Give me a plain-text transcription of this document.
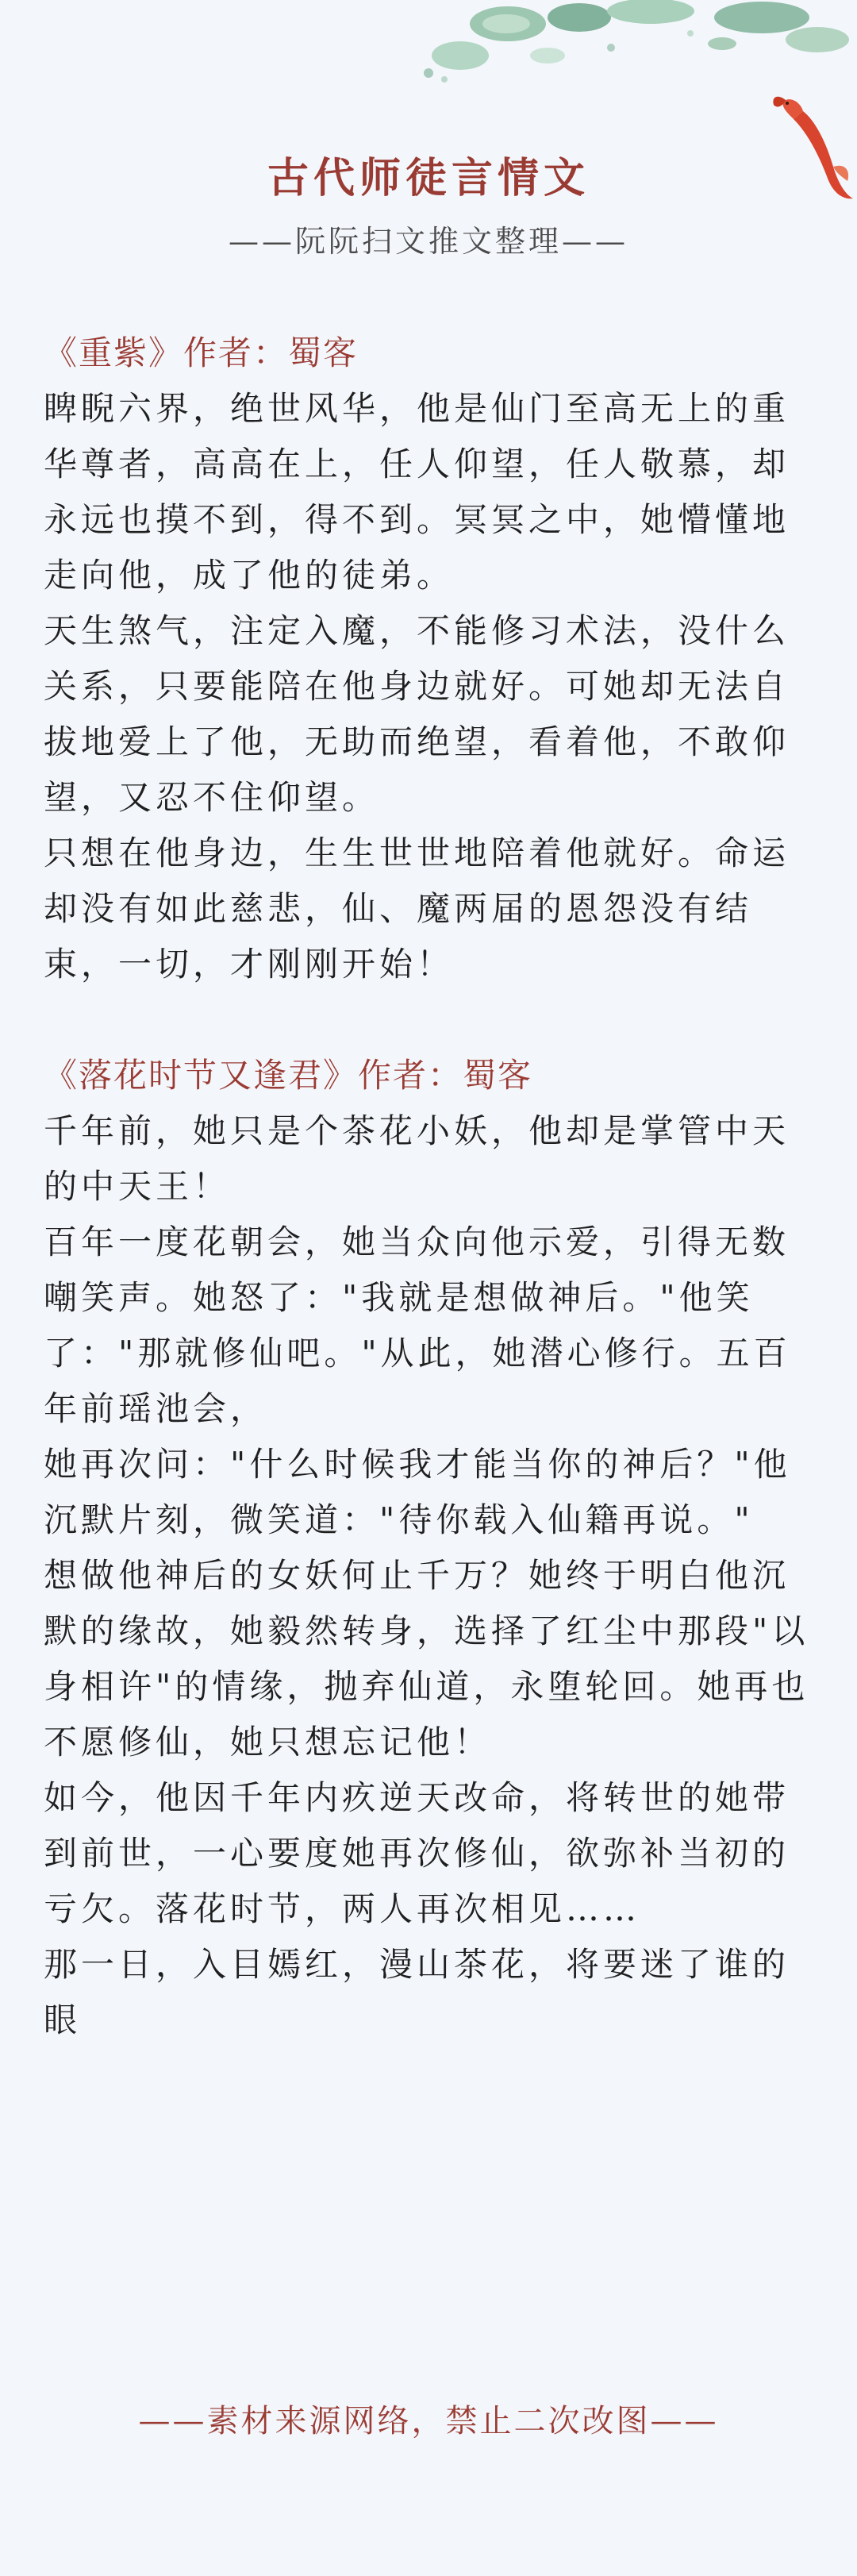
古代师徒言情文

——阮阮扫文推文整理——

《重紫》作者：蜀客

睥睨六界，绝世风华，他是仙门至高无上的重华尊者，高高在上，任人仰望，任人敬慕，却永远也摸不到，得不到。冥冥之中，她懵懂地走向他，成了他的徒弟。

天生煞气，注定入魔，不能修习术法，没什么关系，只要能陪在他身边就好。可她却无法自拔地爱上了他，无助而绝望，看着他，不敢仰望，又忍不住仰望。

只想在他身边，生生世世地陪着他就好。命运却没有如此慈悲，仙、魔两届的恩怨没有结束，一切，才刚刚开始！

《落花时节又逢君》作者：蜀客

千年前，她只是个茶花小妖，他却是掌管中天的中天王！

百年一度花朝会，她当众向他示爱，引得无数嘲笑声。她怒了："我就是想做神后。"他笑了："那就修仙吧。"从此，她潜心修行。五百年前瑶池会，

她再次问："什么时候我才能当你的神后？"他沉默片刻，微笑道："待你载入仙籍再说。"

想做他神后的女妖何止千万？她终于明白他沉默的缘故，她毅然转身，选择了红尘中那段"以身相许"的情缘，抛弃仙道，永堕轮回。她再也不愿修仙，她只想忘记他！

如今，他因千年内疚逆天改命，将转世的她带到前世，一心要度她再次修仙，欲弥补当初的亏欠。落花时节，两人再次相见……

那一日，入目嫣红，漫山茶花，将要迷了谁的眼

——素材来源网络，禁止二次改图——
